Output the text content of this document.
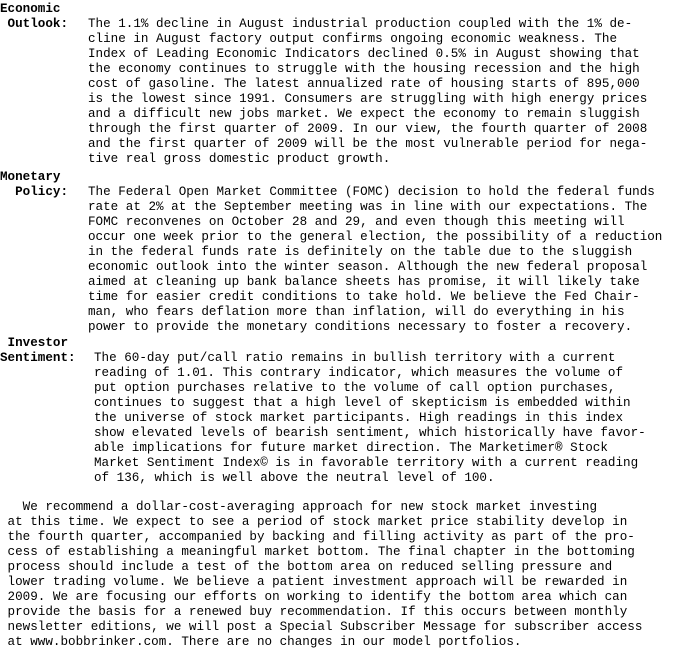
Economic
Outlook: The 1.1% decline in August industrial production coupled with the 1% de-
cline in August factory output confirms ongoing economic weakness. The
Index of Leading Economic Indicators declined 0.5% in August showing that
the economy continues to struggle with the housing recession and the high
cost of gasoline. The latest annualized rate of housing starts of 895,000
is the lowest since 1991. Consumers are struggling with high energy prices
and a difficult new jobs market. We expect the economy to remain sluggish
through the first quarter of 2009. In our view, the fourth quarter of 2008
and the first quarter of 2009 will be the most vulnerable period for nega-
tive real gross domestic product growth.
Monetary
Policy: The Federal Open Market Committee (FOMC) decision to hold the federal funds
rate at 2% at the September meeting was in line with our expectations. The
FOMC reconvenes on October 28 and 29, and even though this meeting will
occur one week prior to the general election, the possibility of a reduction
in the federal funds rate is definitely on the table due to the sluggish
economic outlook into the winter season. Although the new federal proposal
aimed at cleaning up bank balance sheets has promise, it will likely take
time for easier credit conditions to take hold. We believe the Fed Chair-
man, who fears deflation more than inflation, will do everything in his
power to provide the monetary conditions necessary to foster a recovery.
Investor
Sentiment: The 60-day put/call ratio remains in bullish territory with a current
reading of 1.01. This contrary indicator, which measures the volume of
put option purchases relative to the volume of call option purchases,
continues to suggest that a high level of skepticism is embedded within
the universe of stock market participants. High readings in this index
show elevated levels of bearish sentiment, which historically have favor-
able implications for future market direction. The Marketimer® Stock
Market Sentiment Index© is in favorable territory with a current reading
of 136, which is well above the neutral level of 100.
We recommend a dollar-cost-averaging approach for new stock market investing
at this time. We expect to see a period of stock market price stability develop in
the fourth quarter, accompanied by backing and filling activity as part of the pro-
cess of establishing a meaningful market bottom. The final chapter in the bottoming
process should include a test of the bottom area on reduced selling pressure and
lower trading volume. We believe a patient investment approach will be rewarded in
2009. We are focusing our efforts on working to identify the bottom area which can
provide the basis for a renewed buy recommendation. If this occurs between monthly
newsletter editions, we will post a Special Subscriber Message for subscriber access
at www.bobbrinker.com. There are no changes in our model portfolios.
